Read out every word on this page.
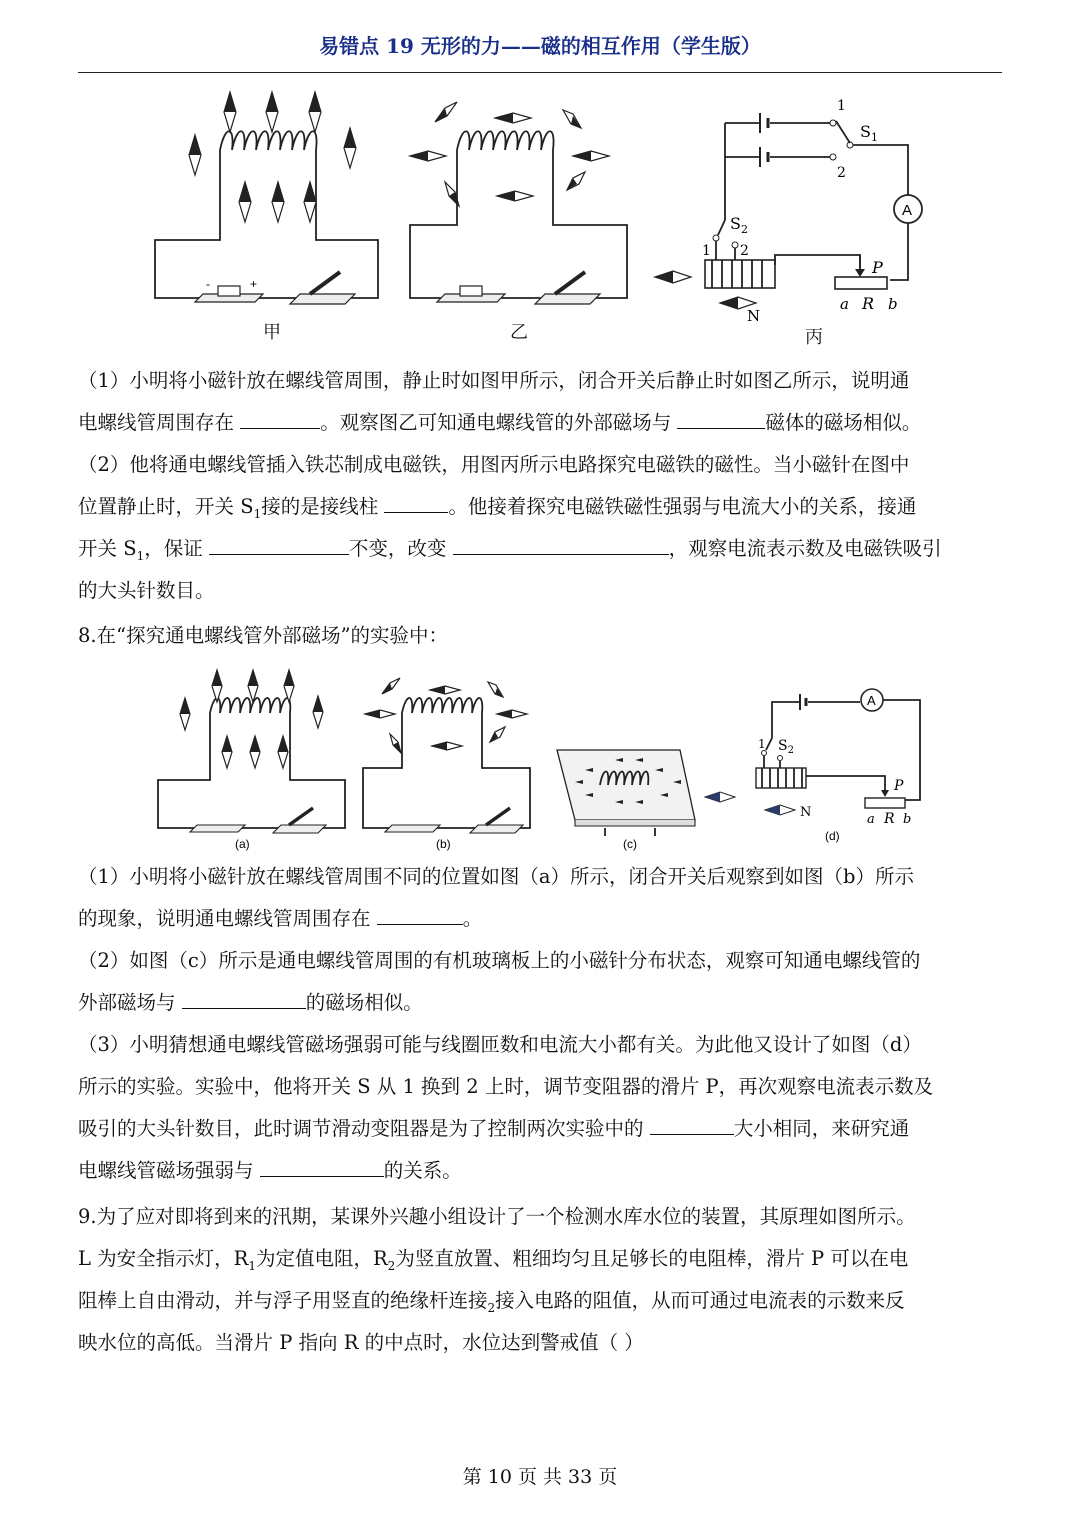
易错点 19 无形的力——磁的相互作用（学生版）
-	+
甲	乙
A
1
2
$S_1$
$S_2$
1 2
P
a R b
N
丙
（1）小明将小磁针放在螺线管周围，静止时如图甲所示，闭合开关后静止时如图乙所示，说明通
电螺线管周围存在	。观察图乙可知通电螺线管的外部磁场与	磁体的磁场相似。
（2）他将通电螺线管插入铁芯制成电磁铁，用图丙所示电路探究电磁铁的磁性。当小磁针在图中
位置静止时，开关 $S_1$接的是接线柱	。他接着探究电磁铁磁性强弱与电流大小的关系，接通
开关 $S_1$，保证	不变，改变	，观察电流表示数及电磁铁吸引
的大头针数目。
8.在“探究通电螺线管外部磁场”的实验中：
(a)	(b)	(c)
A
$S_2$
1
P
a R b
N
(d)
（1）小明将小磁针放在螺线管周围不同的位置如图（a）所示，闭合开关后观察到如图（b）所示
的现象，说明通电螺线管周围存在	。
（2）如图（c）所示是通电螺线管周围的有机玻璃板上的小磁针分布状态，观察可知通电螺线管的
外部磁场与	的磁场相似。
（3）小明猜想通电螺线管磁场强弱可能与线圈匝数和电流大小都有关。为此他又设计了如图（d）
所示的实验。实验中，他将开关 S 从 1 换到 2 上时，调节变阻器的滑片 P，再次观察电流表示数及
吸引的大头针数目，此时调节滑动变阻器是为了控制两次实验中的	大小相同，来研究通
电螺线管磁场强弱与	的关系。
9.为了应对即将到来的汛期，某课外兴趣小组设计了一个检测水库水位的装置，其原理如图所示。
L 为安全指示灯，$R_1$为定值电阻，$R_2$为竖直放置、粗细均匀且足够长的电阻棒，滑片 P 可以在电
阻棒上自由滑动，并与浮子用竖直的绝缘杆连接$_2$接入电路的阻值，从而可通过电流表的示数来反
映水位的高低。当滑片 P 指向 R 的中点时，水位达到警戒值（ ）
第 10 页 共 33 页
